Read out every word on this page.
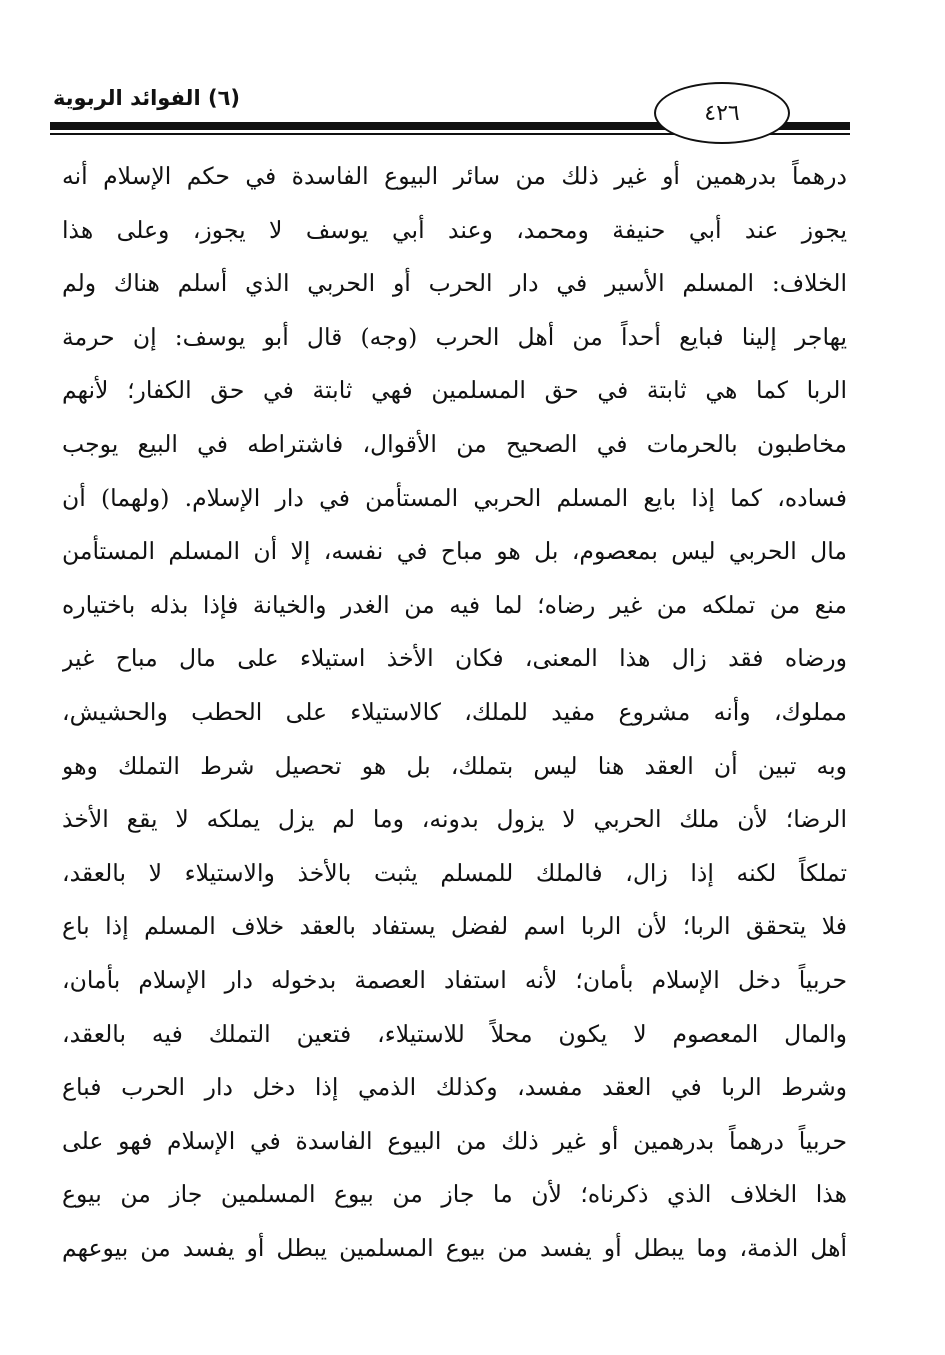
(٦) الفوائد الربوية
٤٢٦
درهماً بدرهمين أو غير ذلك من سائر البيوع الفاسدة في حكم الإسلام أنه
يجوز عند أبي حنيفة ومحمد، وعند أبي يوسف لا يجوز، وعلى هذا
الخلاف: المسلم الأسير في دار الحرب أو الحربي الذي أسلم هناك ولم
يهاجر إلينا فبايع أحداً من أهل الحرب (وجه) قال أبو يوسف: إن حرمة
الربا كما هي ثابتة في حق المسلمين فهي ثابتة في حق الكفار؛ لأنهم
مخاطبون بالحرمات في الصحيح من الأقوال، فاشتراطه في البيع يوجب
فساده، كما إذا بايع المسلم الحربي المستأمن في دار الإسلام. (ولهما) أن
مال الحربي ليس بمعصوم، بل هو مباح في نفسه، إلا أن المسلم المستأمن
منع من تملكه من غير رضاه؛ لما فيه من الغدر والخيانة فإذا بذله باختياره
ورضاه فقد زال هذا المعنى، فكان الأخذ استيلاء على مال مباح غير
مملوك، وأنه مشروع مفيد للملك، كالاستيلاء على الحطب والحشيش،
وبه تبين أن العقد هنا ليس بتملك، بل هو تحصيل شرط التملك وهو
الرضا؛ لأن ملك الحربي لا يزول بدونه، وما لم يزل يملكه لا يقع الأخذ
تملكاً لكنه إذا زال، فالملك للمسلم يثبت بالأخذ والاستيلاء لا بالعقد،
فلا يتحقق الربا؛ لأن الربا اسم لفضل يستفاد بالعقد خلاف المسلم إذا باع
حربياً دخل الإسلام بأمان؛ لأنه استفاد العصمة بدخوله دار الإسلام بأمان،
والمال المعصوم لا يكون محلاً للاستيلاء، فتعين التملك فيه بالعقد،
وشرط الربا في العقد مفسد، وكذلك الذمي إذا دخل دار الحرب فباع
حربياً درهماً بدرهمين أو غير ذلك من البيوع الفاسدة في الإسلام فهو على
هذا الخلاف الذي ذكرناه؛ لأن ما جاز من بيوع المسلمين جاز من بيوع
أهل الذمة، وما يبطل أو يفسد من بيوع المسلمين يبطل أو يفسد من بيوعهم
